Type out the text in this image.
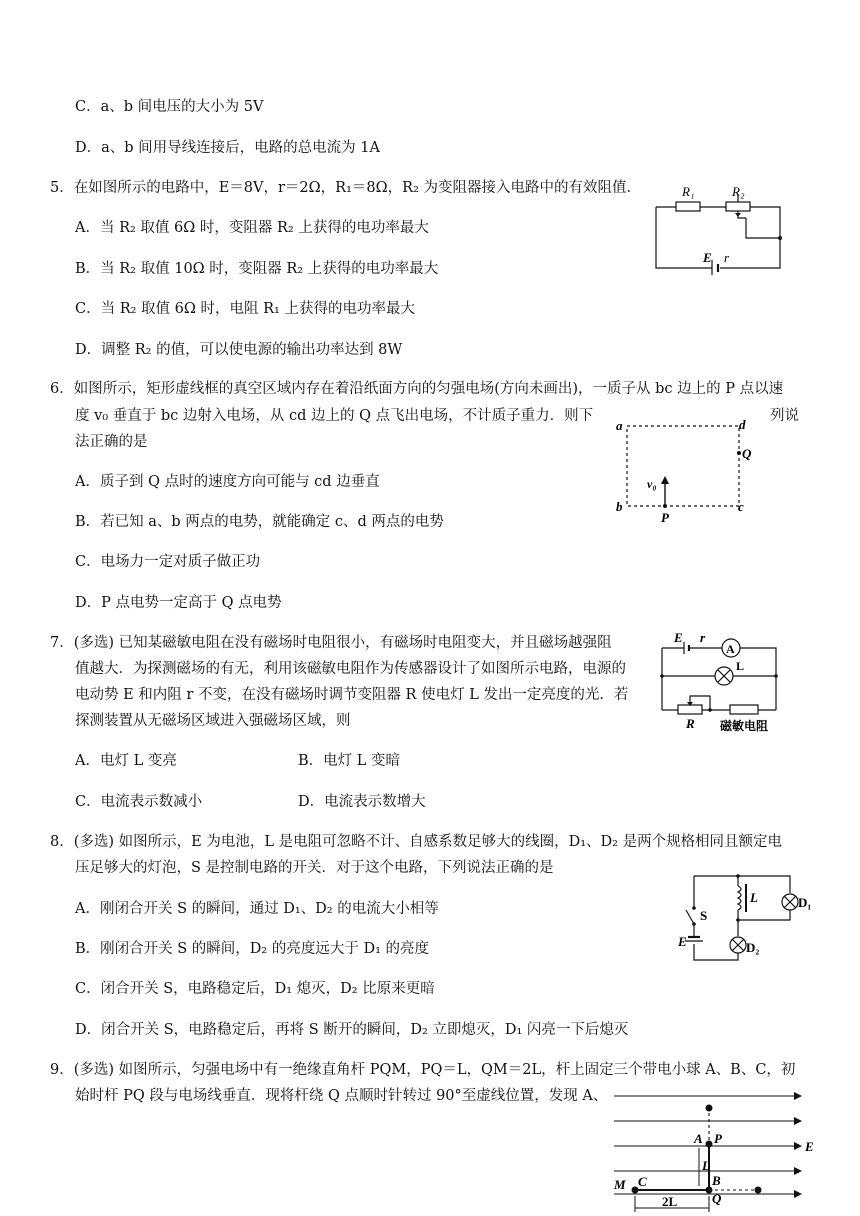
C．a、b 间电压的大小为 5V
D．a、b 间用导线连接后，电路的总电流为 1A
5．在如图所示的电路中，E＝8V，r＝2Ω，R₁＝8Ω，R₂ 为变阻器接入电路中的有效阻值．
A．当 R₂ 取值 6Ω 时，变阻器 R₂ 上获得的电功率最大
B．当 R₂ 取值 10Ω 时，变阻器 R₂ 上获得的电功率最大
C．当 R₂ 取值 6Ω 时，电阻 R₁ 上获得的电功率最大
D．调整 R₂ 的值，可以使电源的输出功率达到 8W
R₁	R₂
E r
6．如图所示，矩形虚线框的真空区域内存在着沿纸面方向的匀强电场(方向未画出)，一质子从 bc 边上的 P 点以速
度 v₀ 垂直于 bc 边射入电场，从 cd 边上的 Q 点飞出电场，不计质子重力．则下	列说
法正确的是
A．质子到 Q 点时的速度方向可能与 cd 边垂直
B．若已知 a、b 两点的电势，就能确定 c、d 两点的电势
C．电场力一定对质子做正功
D．P 点电势一定高于 Q 点电势
a	d
Q
b	c
P
v₀
7．(多选) 已知某磁敏电阻在没有磁场时电阻很小，有磁场时电阻变大，并且磁场越强阻
值越大．为探测磁场的有无，利用该磁敏电阻作为传感器设计了如图所示电路，电源的
电动势 E 和内阻 r 不变，在没有磁场时调节变阻器 R 使电灯 L 发出一定亮度的光．若
探测装置从无磁场区域进入强磁场区域，则
A．电灯 L 变亮	B．电灯 L 变暗
C．电流表示数减小	D．电流表示数增大
E r
A
L
R 磁敏电阻
8．(多选) 如图所示，E 为电池，L 是电阻可忽略不计、自感系数足够大的线圈，D₁、D₂ 是两个规格相同且额定电
压足够大的灯泡，S 是控制电路的开关．对于这个电路，下列说法正确的是
A．刚闭合开关 S 的瞬间，通过 D₁、D₂ 的电流大小相等
B．刚闭合开关 S 的瞬间，D₂ 的亮度远大于 D₁ 的亮度
C．闭合开关 S，电路稳定后，D₁ 熄灭，D₂ 比原来更暗
D．闭合开关 S，电路稳定后，再将 S 断开的瞬间，D₂ 立即熄灭，D₁ 闪亮一下后熄灭
S
L	D₁
D₂
E
9．(多选) 如图所示，匀强电场中有一绝缘直角杆 PQM，PQ＝L，QM＝2L，杆上固定三个带电小球 A、B、C，初
始时杆 PQ 段与电场线垂直．现将杆绕 Q 点顺时针转过 90°至虚线位置，发现 A、
A P
E
L
B
Q
M C
2L
